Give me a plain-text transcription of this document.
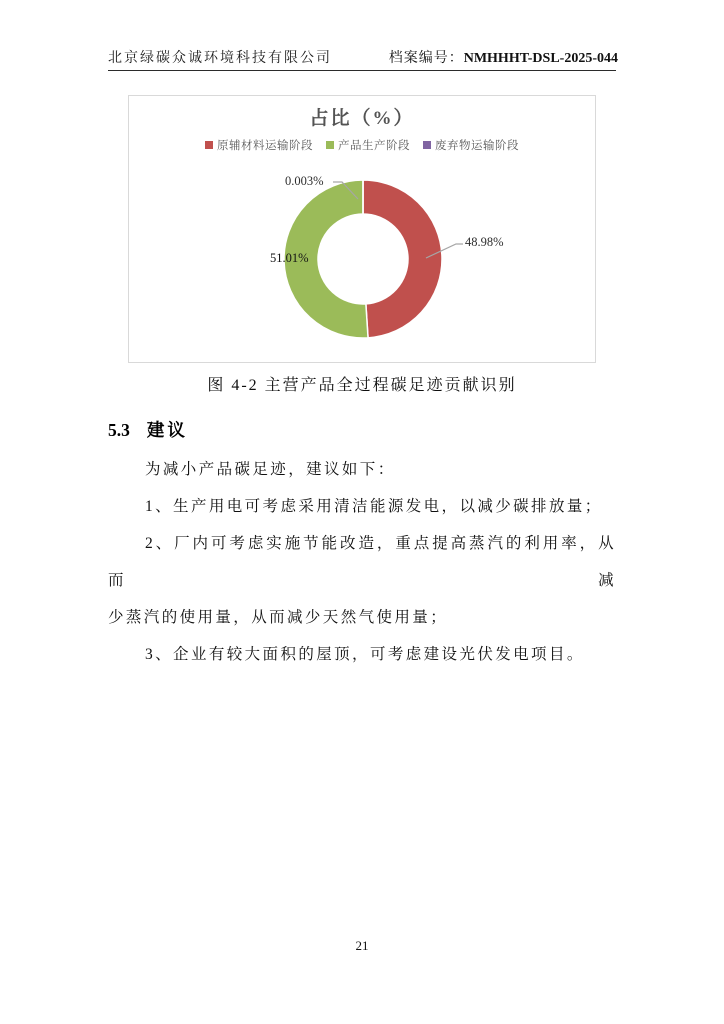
北京绿碳众诚环境科技有限公司	档案编号：NMHHHT-DSL-2025-044
占比（%）
原辅材料运输阶段 产品生产阶段 废弃物运输阶段
0.003%
48.98%
51.01%
图 4-2 主营产品全过程碳足迹贡献识别
5.3 建议
为减小产品碳足迹，建议如下：
1、生产用电可考虑采用清洁能源发电，以减少碳排放量；
2、厂内可考虑实施节能改造，重点提高蒸汽的利用率，从而减
少蒸汽的使用量，从而减少天然气使用量；
3、企业有较大面积的屋顶，可考虑建设光伏发电项目。
21
